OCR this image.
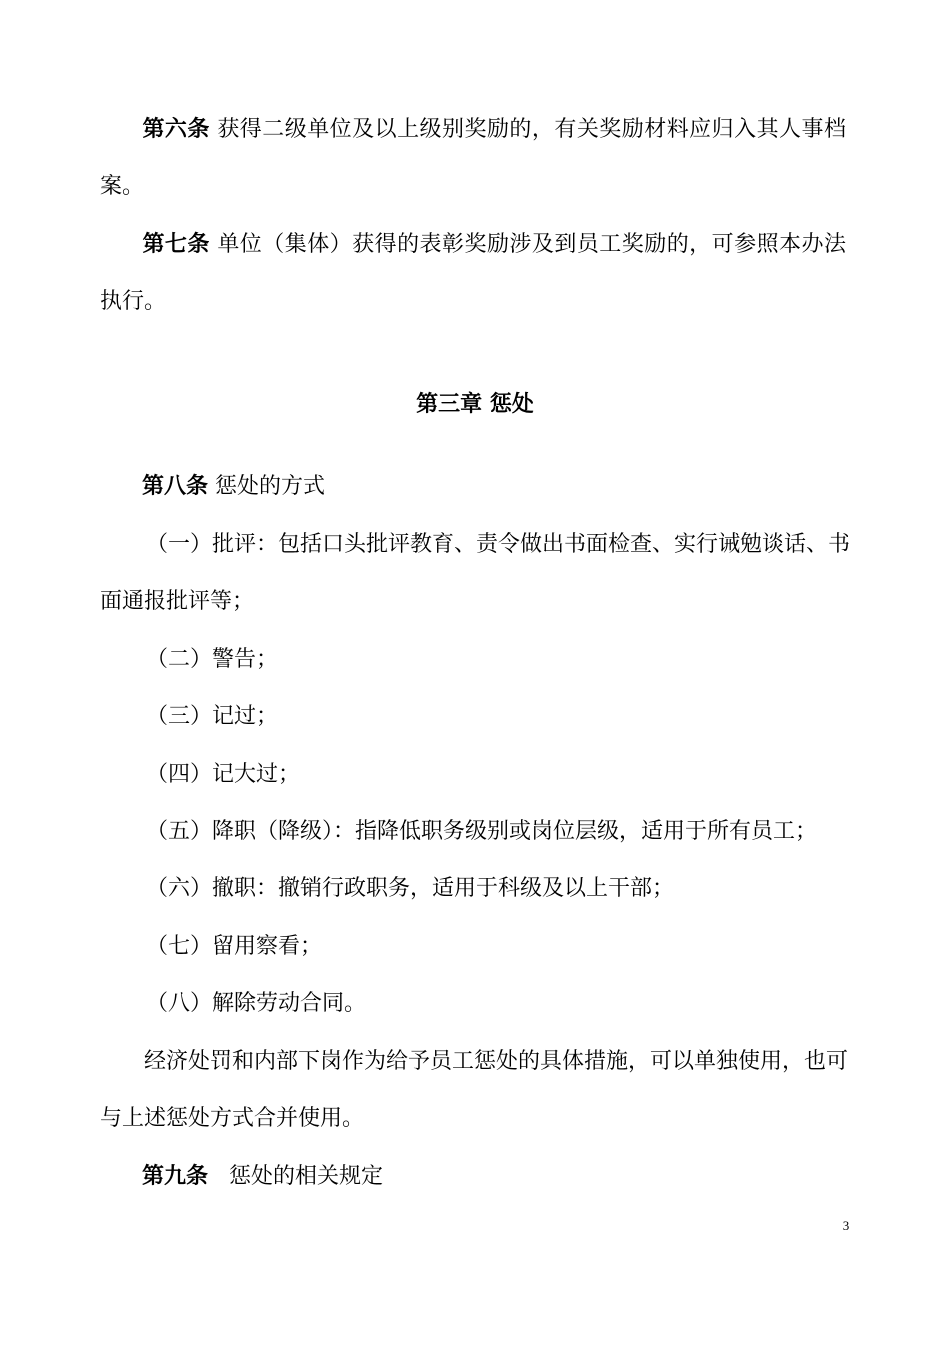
第六条 获得二级单位及以上级别奖励的，有关奖励材料应归入其人事档
案。
第七条 单位（集体）获得的表彰奖励涉及到员工奖励的，可参照本办法
执行。
第三章 惩处
第八条 惩处的方式
（一）批评：包括口头批评教育、责令做出书面检查、实行诫勉谈话、书
面通报批评等；
（二）警告；
（三）记过；
（四）记大过；
（五）降职（降级）：指降低职务级别或岗位层级，适用于所有员工；
（六）撤职：撤销行政职务，适用于科级及以上干部；
（七）留用察看；
（八）解除劳动合同。
经济处罚和内部下岗作为给予员工惩处的具体措施，可以单独使用，也可
与上述惩处方式合并使用。
第九条 惩处的相关规定
3
